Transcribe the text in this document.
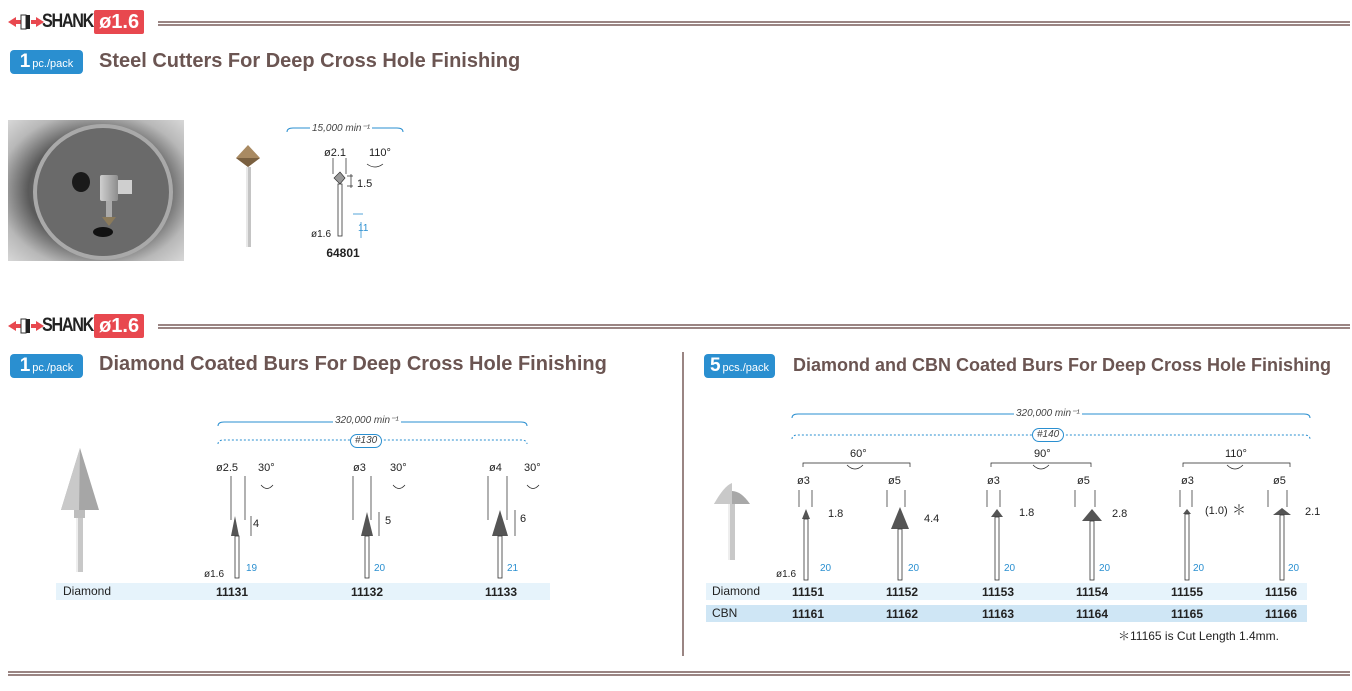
SHANK ø1.6
1 pc./pack Steel Cutters For Deep Cross Hole Finishing
15,000 min⁻¹
ø2.1 110°
1.5
ø1.6
11
64801
SHANK ø1.6
1 pc./pack Diamond Coated Burs For Deep Cross Hole Finishing
320,000 min⁻¹
#130
ø2.5 30°
4
19
ø3 30°
5
20
ø4 30°
6
21
ø1.6
Diamond	11131	11132	11133
5 pcs./pack Diamond and CBN Coated Burs For Deep Cross Hole Finishing
320,000 min⁻¹
#140
60°	90°	110°
ø3
1.8
ø5
4.4
ø3
1.8
ø5
2.8
ø3
(1.0) ＊
ø5
2.1
ø1.6
20	20	20	20	20	20
Diamond	11151	11152	11153	11154	11155	11156
CBN	11161	11162	11163	11164	11165	11166
＊11165 is Cut Length 1.4mm.
